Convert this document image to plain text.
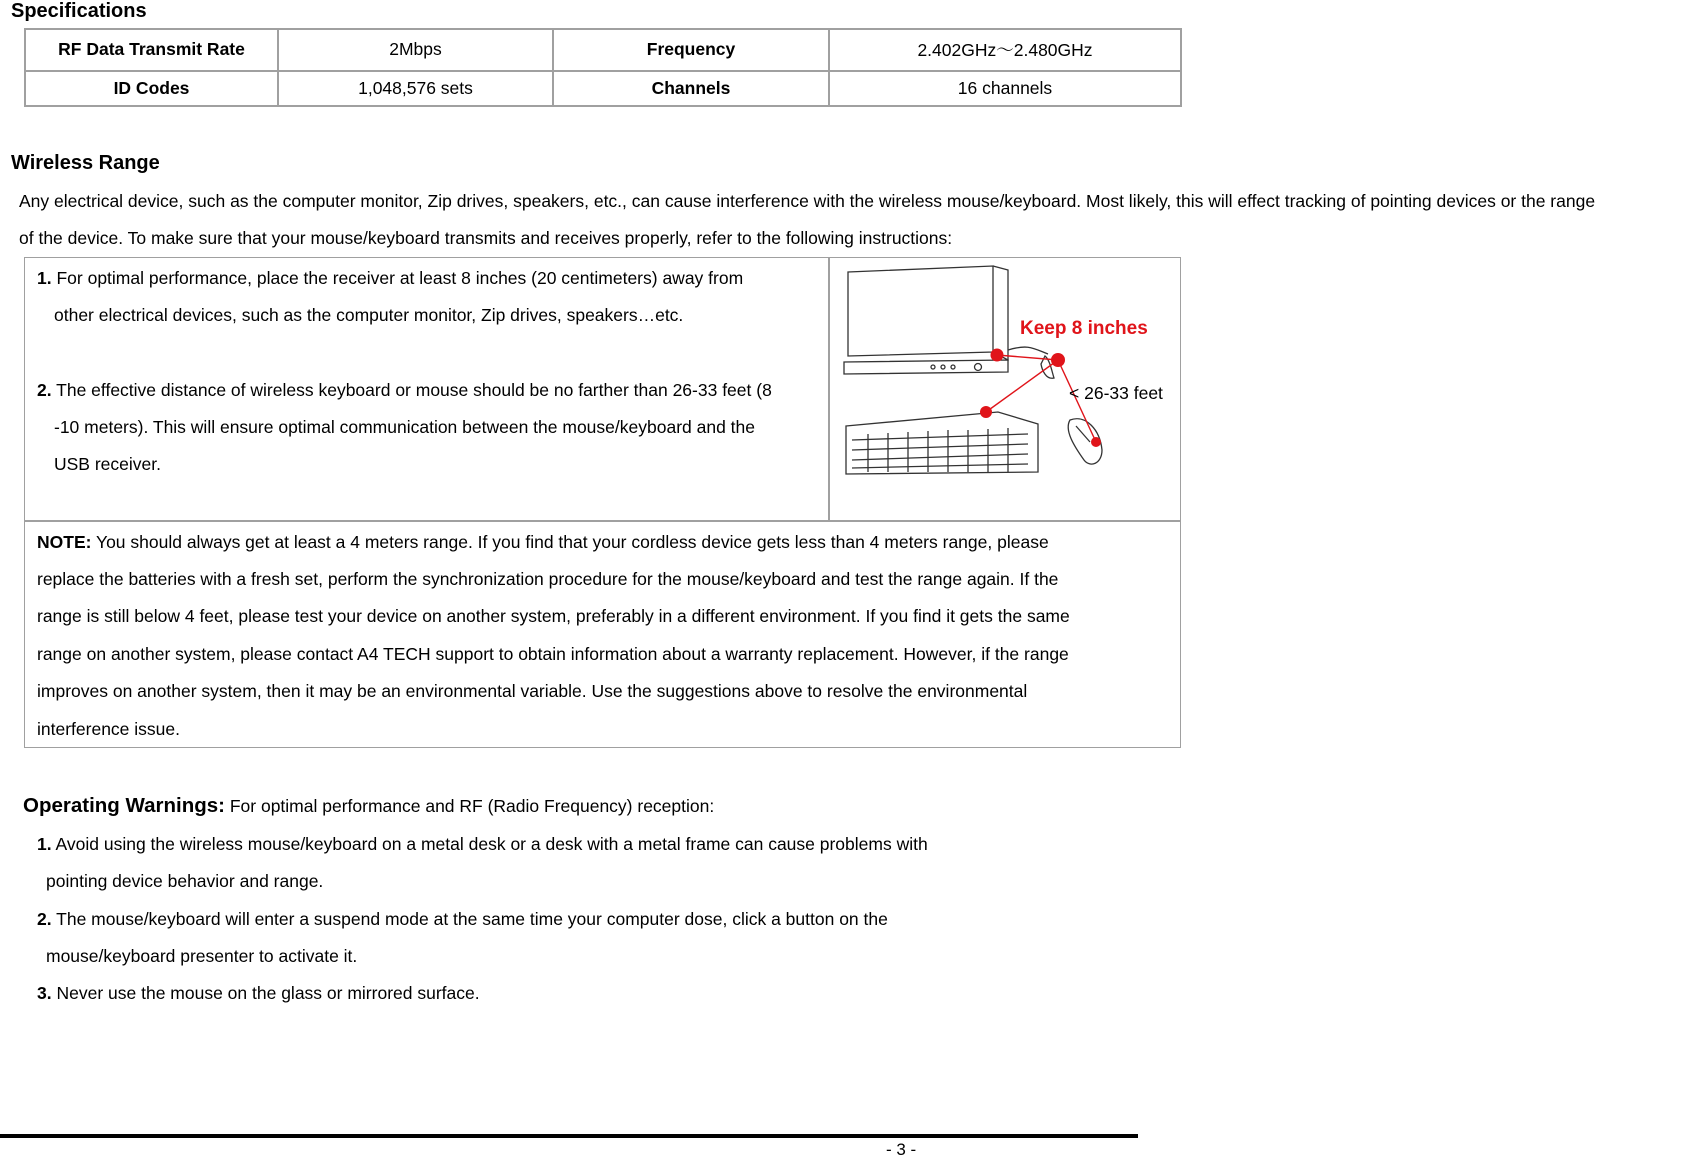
Specifications
RF Data Transmit Rate	2Mbps	Frequency	2.402GHz～2.480GHz
ID Codes	1,048,576 sets	Channels	16 channels
Wireless Range

Any electrical device, such as the computer monitor, Zip drives, speakers, etc., can cause interference with the wireless mouse/keyboard. Most likely, this will effect tracking of pointing devices or the range

of the device. To make sure that your mouse/keyboard transmits and receives properly, refer to the following instructions:

1. For optimal performance, place the receiver at least 8 inches (20 centimeters) away from

other electrical devices, such as the computer monitor, Zip drives, speakers…etc.

2. The effective distance of wireless keyboard or mouse should be no farther than 26-33 feet (8

-10 meters). This will ensure optimal communication between the mouse/keyboard and the

USB receiver.

Keep 8 inches
< 26-33 feet

NOTE: You should always get at least a 4 meters range. If you find that your cordless device gets less than 4 meters range, please

replace the batteries with a fresh set, perform the synchronization procedure for the mouse/keyboard and test the range again. If the

range is still below 4 feet, please test your device on another system, preferably in a different environment. If you find it gets the same

range on another system, please contact A4 TECH support to obtain information about a warranty replacement. However, if the range

improves on another system, then it may be an environmental variable. Use the suggestions above to resolve the environmental

interference issue.

Operating Warnings: For optimal performance and RF (Radio Frequency) reception:

1. Avoid using the wireless mouse/keyboard on a metal desk or a desk with a metal frame can cause problems with

pointing device behavior and range.

2. The mouse/keyboard will enter a suspend mode at the same time your computer dose, click a button on the

mouse/keyboard presenter to activate it.

3. Never use the mouse on the glass or mirrored surface.

- 3 -
